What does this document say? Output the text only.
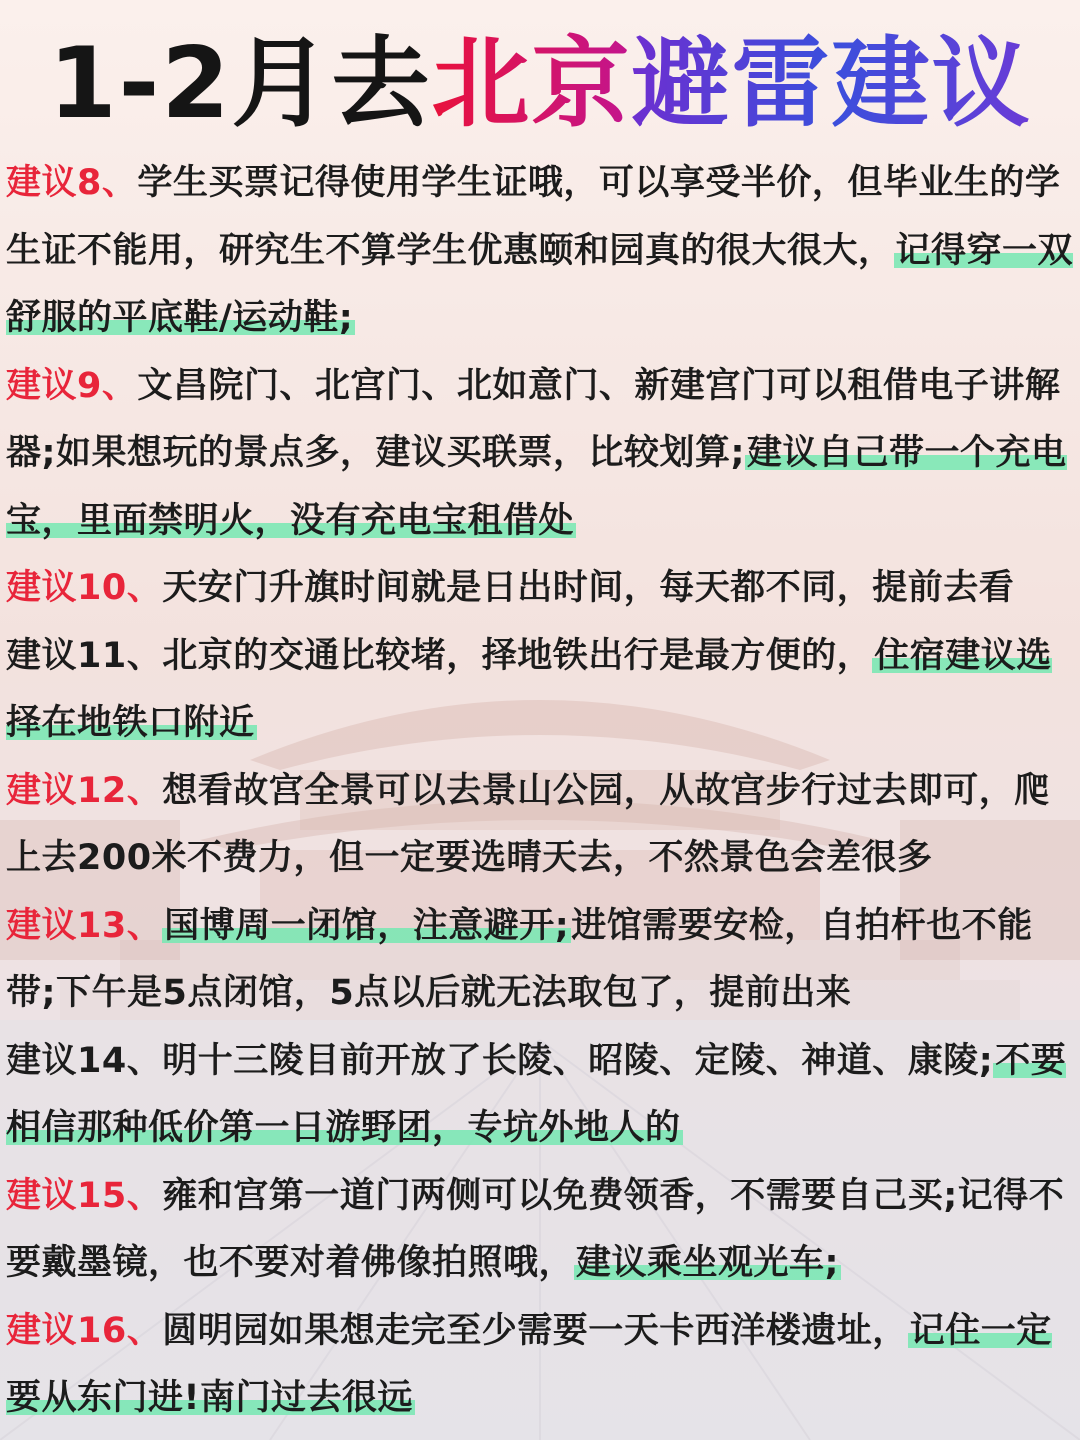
1-2月去北京避雷建议

建议8、学生买票记得使用学生证哦，可以享受半价，但毕业生的学生证不能用，研究生不算学生优惠颐和园真的很大很大，记得穿一双舒服的平底鞋/运动鞋;

建议9、文昌院门、北宫门、北如意门、新建宫门可以租借电子讲解器;如果想玩的景点多，建议买联票，比较划算;建议自己带一个充电宝，里面禁明火，没有充电宝租借处

建议10、天安门升旗时间就是日出时间，每天都不同，提前去看

建议11、北京的交通比较堵，择地铁出行是最方便的，住宿建议选择在地铁口附近

建议12、想看故宫全景可以去景山公园，从故宫步行过去即可，爬上去200米不费力，但一定要选晴天去，不然景色会差很多

建议13、国博周一闭馆，注意避开;进馆需要安检，自拍杆也不能带;下午是5点闭馆，5点以后就无法取包了，提前出来

建议14、明十三陵目前开放了长陵、昭陵、定陵、神道、康陵;不要相信那种低价第一日游野团，专坑外地人的

建议15、雍和宫第一道门两侧可以免费领香，不需要自己买;记得不要戴墨镜，也不要对着佛像拍照哦，建议乘坐观光车;

建议16、圆明园如果想走完至少需要一天卡西洋楼遗址，记住一定要从东门进!南门过去很远
